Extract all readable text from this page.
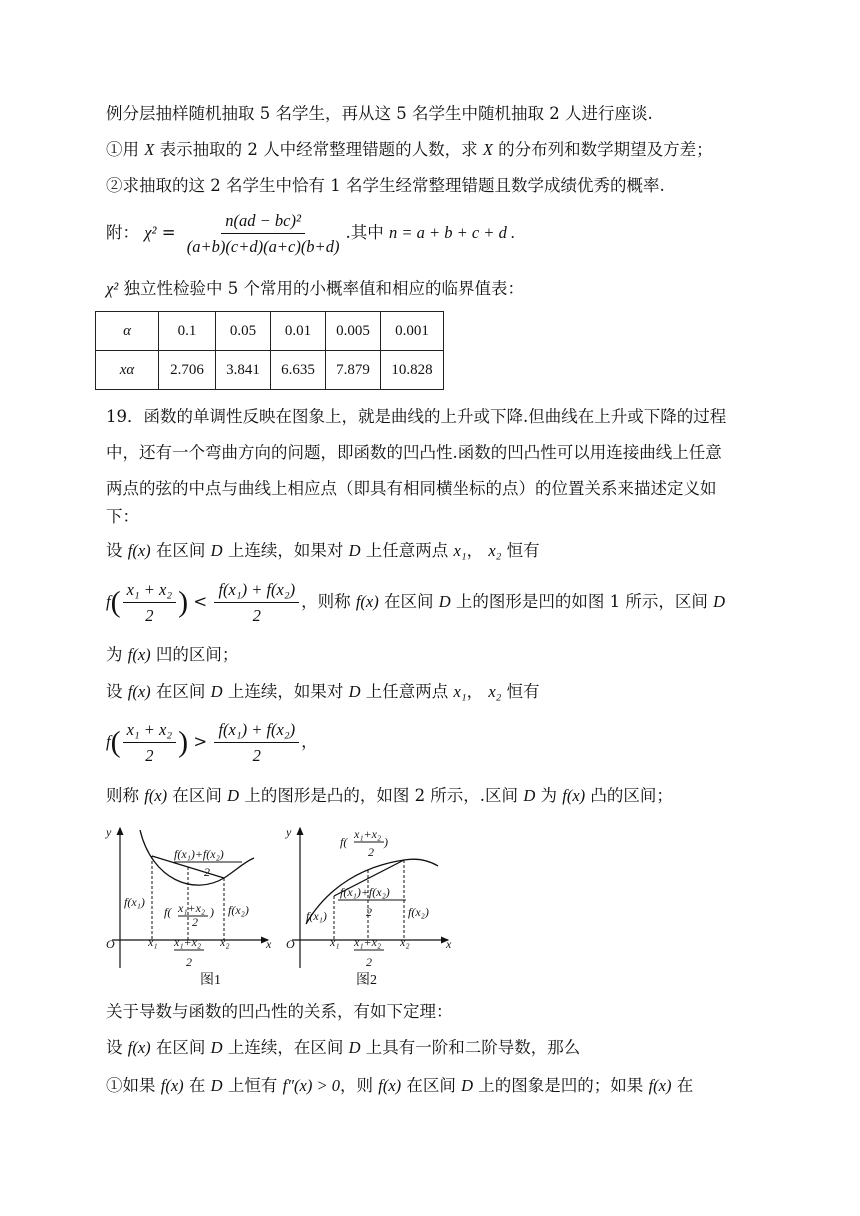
例分层抽样随机抽取 5 名学生，再从这 5 名学生中随机抽取 2 人进行座谈.
①用 X 表示抽取的 2 人中经常整理错题的人数，求 X 的分布列和数学期望及方差；
②求抽取的这 2 名学生中恰有 1 名学生经常整理错题且数学成绩优秀的概率.
附： $\chi^2 = \frac{\text{n(ad − bc)²}}{(a+b)(c+d)(a+c)(b+d)}$ .其中 n = a + b + c + d .
χ² 独立性检验中 5 个常用的小概率值和相应的临界值表：
α	0.1	0.05	0.01	0.005	0.001
xα	2.706	3.841	6.635	7.879	10.828
19．函数的单调性反映在图象上，就是曲线的上升或下降.但曲线在上升或下降的过程
中，还有一个弯曲方向的问题，即函数的凹凸性.函数的凹凸性可以用连接曲线上任意
两点的弦的中点与曲线上相应点（即具有相同横坐标的点）的位置关系来描述定义如
下：
设 f(x) 在区间 D 上连续，如果对 D 上任意两点 x₁， x₂ 恒有
$f( \frac{\text{x₁ + x₂}}{2}$ ) < $\frac{\text{f(x₁) + f(x₂)}}{2}$ ，则称 f(x) 在区间 D 上的图形是凹的如图 1 所示，区间 D
为 f(x) 凹的区间；
设 f(x) 在区间 D 上连续，如果对 D 上任意两点 x₁， x₂ 恒有
$f( \frac{\text{x₁ + x₂}}{2}$ ) > $\frac{\text{f(x₁) + f(x₂)}}{2}$ ，
则称 f(x) 在区间 D 上的图形是凸的，如图 2 所示，.区间 D 为 f(x) 凸的区间；
y
x
O
f(x₁)
f(x₂)
x₁	x₂
x₁+x₂
2
f(x₁)+f(x₂)
2
f( x₁+x₂
2
)
图1
y
x
O
f(x₁)	f(x₂)
x₁	x₂
x₁+x₂
2
f(
x₁+x₂
2
)
f(x₁)+f(x₂)
2
图2
关于导数与函数的凹凸性的关系，有如下定理：
设 f(x) 在区间 D 上连续，在区间 D 上具有一阶和二阶导数，那么
①如果 f(x) 在 D 上恒有 f″(x) > 0，则 f(x) 在区间 D 上的图象是凹的；如果 f(x) 在
